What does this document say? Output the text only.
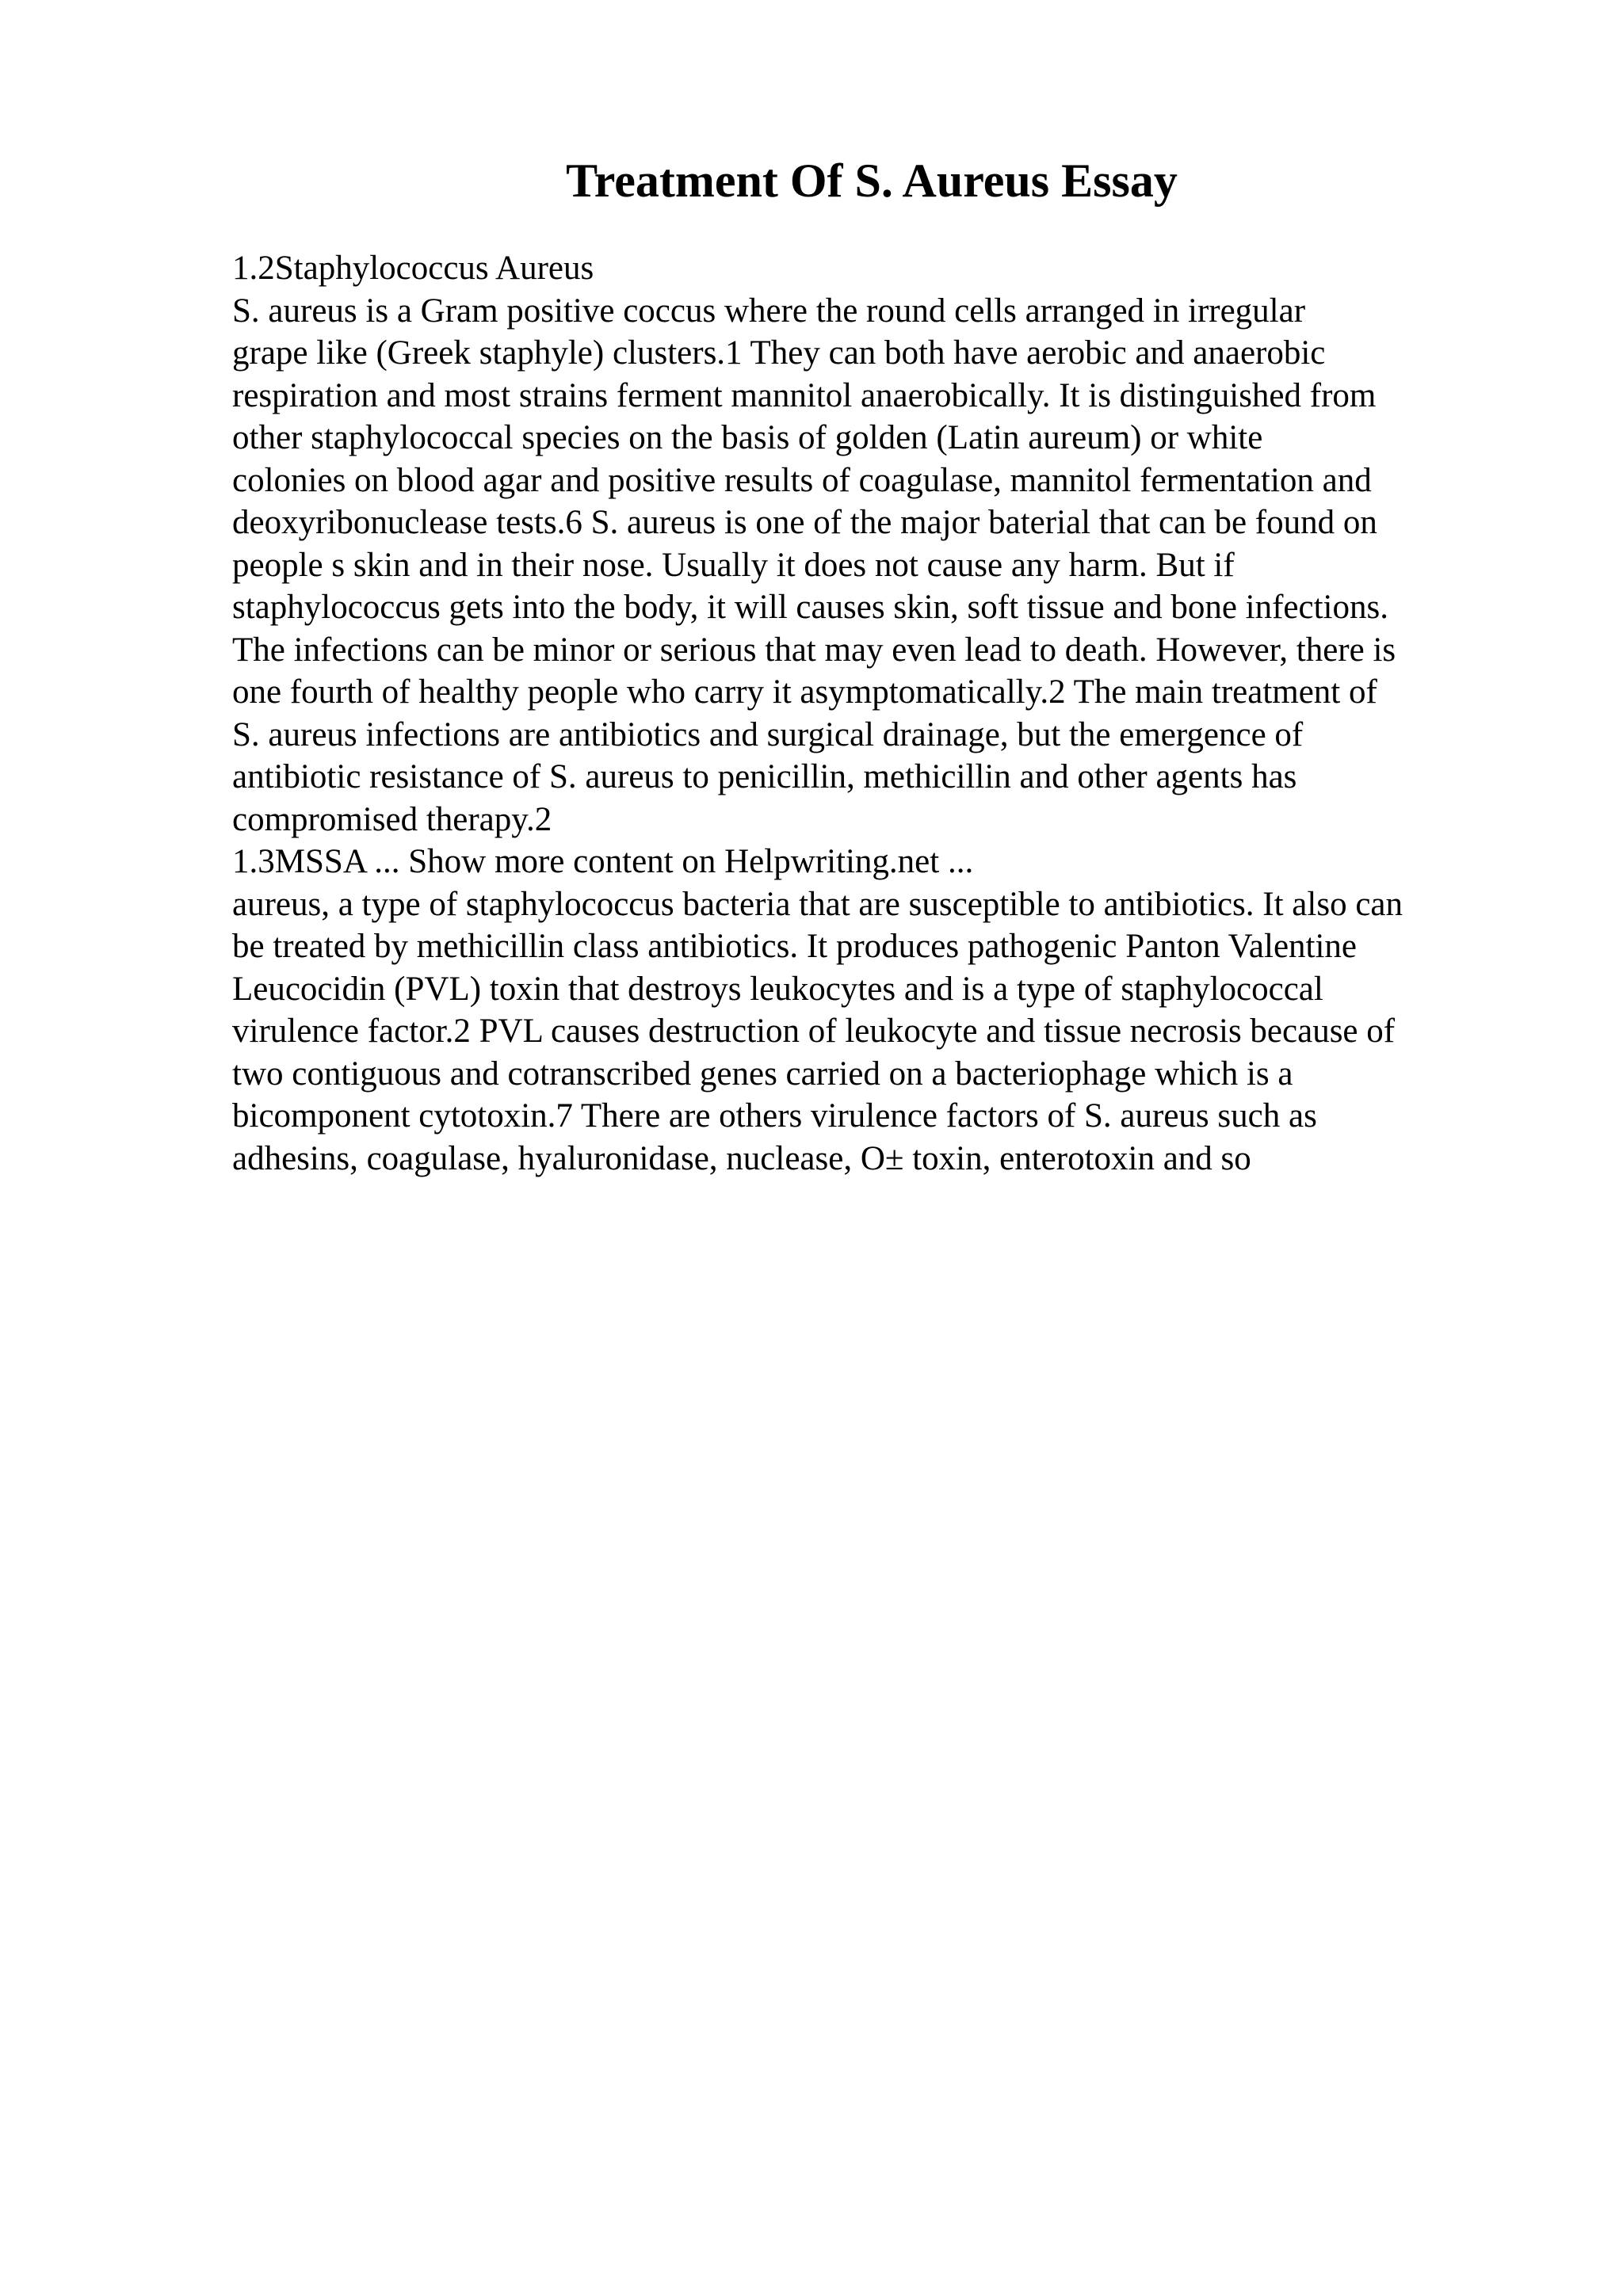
Treatment Of S. Aureus Essay
1.2Staphylococcus Aureus
S. aureus is a Gram positive coccus where the round cells arranged in irregular
grape like (Greek staphyle) clusters.1 They can both have aerobic and anaerobic
respiration and most strains ferment mannitol anaerobically. It is distinguished from
other staphylococcal species on the basis of golden (Latin aureum) or white
colonies on blood agar and positive results of coagulase, mannitol fermentation and
deoxyribonuclease tests.6 S. aureus is one of the major baterial that can be found on
people s skin and in their nose. Usually it does not cause any harm. But if
staphylococcus gets into the body, it will causes skin, soft tissue and bone infections.
The infections can be minor or serious that may even lead to death. However, there is
one fourth of healthy people who carry it asymptomatically.2 The main treatment of
S. aureus infections are antibiotics and surgical drainage, but the emergence of
antibiotic resistance of S. aureus to penicillin, methicillin and other agents has
compromised therapy.2
1.3MSSA ... Show more content on Helpwriting.net ...
aureus, a type of staphylococcus bacteria that are susceptible to antibiotics. It also can
be treated by methicillin class antibiotics. It produces pathogenic Panton Valentine
Leucocidin (PVL) toxin that destroys leukocytes and is a type of staphylococcal
virulence factor.2 PVL causes destruction of leukocyte and tissue necrosis because of
two contiguous and cotranscribed genes carried on a bacteriophage which is a
bicomponent cytotoxin.7 There are others virulence factors of S. aureus such as
adhesins, coagulase, hyaluronidase, nuclease, O± toxin, enterotoxin and so
